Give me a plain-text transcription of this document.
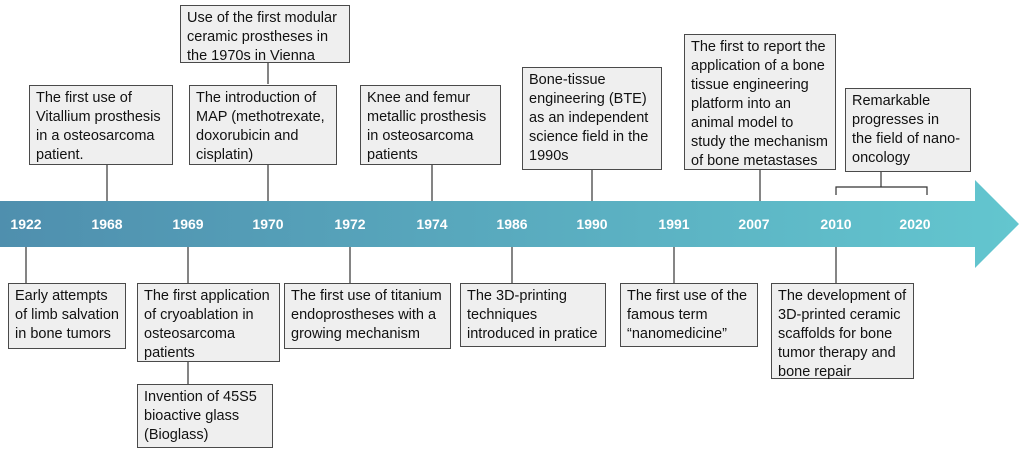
1922	1968	1969	1970	1972	1974	1986	1990	1991	2007	2010	2020
Use of the first modular
ceramic prostheses in
the 1970s in Vienna
The first use of
Vitallium prosthesis
in a osteosarcoma
patient.
The introduction of
MAP (methotrexate,
doxorubicin and
cisplatin)
Knee and femur
metallic prosthesis
in osteosarcoma
patients
Bone-tissue
engineering (BTE)
as an independent
science field in the
1990s
The first to report the
application of a bone
tissue engineering
platform into an
animal model to
study the mechanism
of bone metastases
Remarkable
progresses in
the field of nano-
oncology
Early attempts
of limb salvation
in bone tumors
The first application
of cryoablation in
osteosarcoma
patients
Invention of 45S5
bioactive glass
(Bioglass)
The first use of titanium
endoprostheses with a
growing mechanism
The 3D-printing
techniques
introduced in pratice
The first use of the
famous term
“nanomedicine”
The development of
3D-printed ceramic
scaffolds for bone
tumor therapy and
bone repair
